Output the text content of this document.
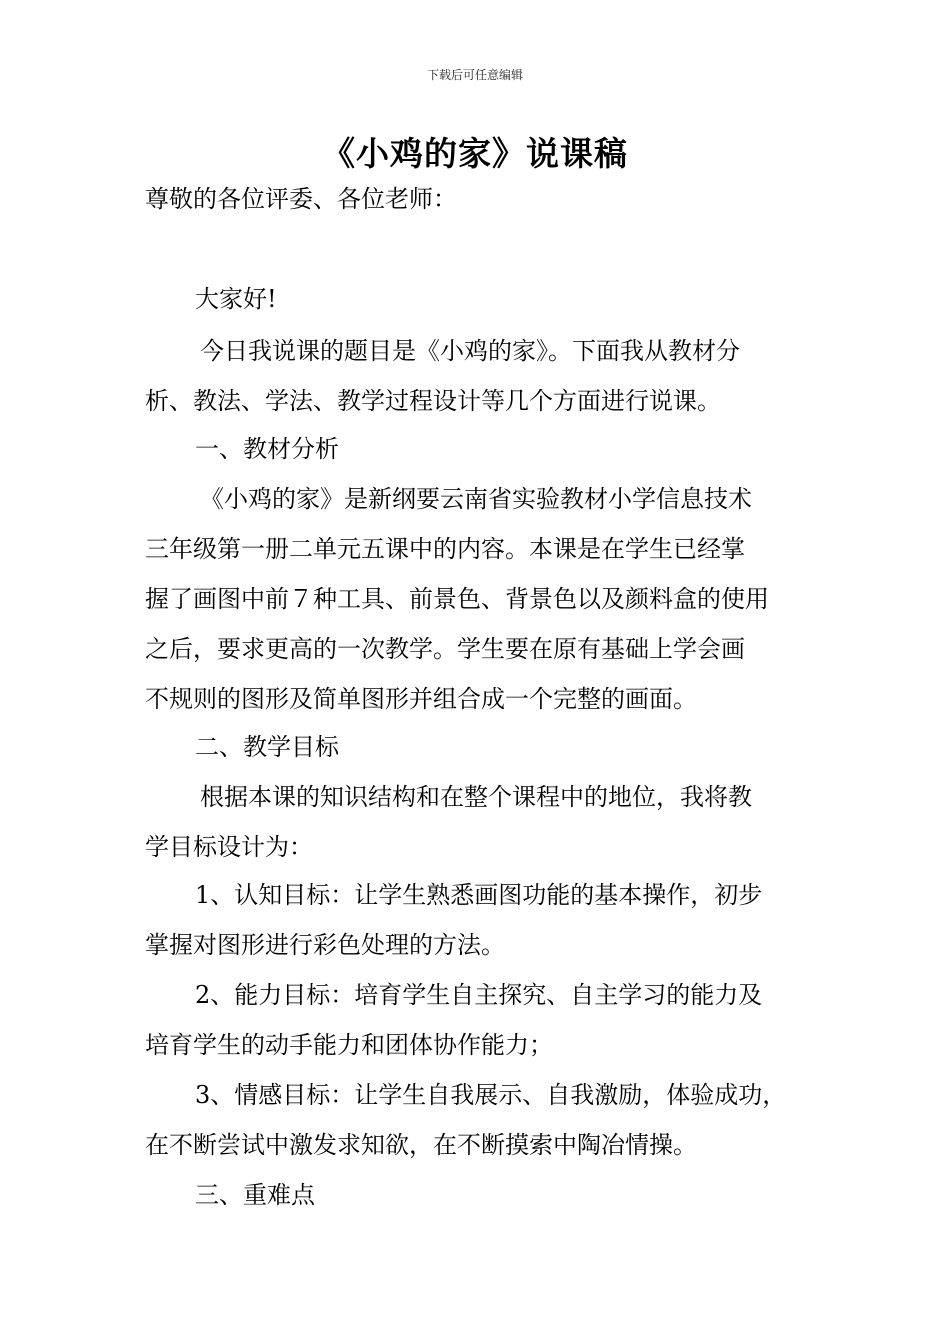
下载后可任意编辑
《小鸡的家》说课稿
尊敬的各位评委、各位老师：
大家好!
今日我说课的题目是《小鸡的家》。下面我从教材分
析、教法、学法、教学过程设计等几个方面进行说课。
一、教材分析
《小鸡的家》是新纲要云南省实验教材小学信息技术
三年级第一册二单元五课中的内容。本课是在学生已经掌
握了画图中前７种工具、前景色、背景色以及颜料盒的使用
之后，要求更高的一次教学。学生要在原有基础上学会画
不规则的图形及简单图形并组合成一个完整的画面。
二、教学目标
根据本课的知识结构和在整个课程中的地位，我将教
学目标设计为：
1、认知目标：让学生熟悉画图功能的基本操作，初步
掌握对图形进行彩色处理的方法。
2、能力目标：培育学生自主探究、自主学习的能力及
培育学生的动手能力和团体协作能力；
3、情感目标：让学生自我展示、自我激励，体验成功，
在不断尝试中激发求知欲，在不断摸索中陶冶情操。
三、重难点
